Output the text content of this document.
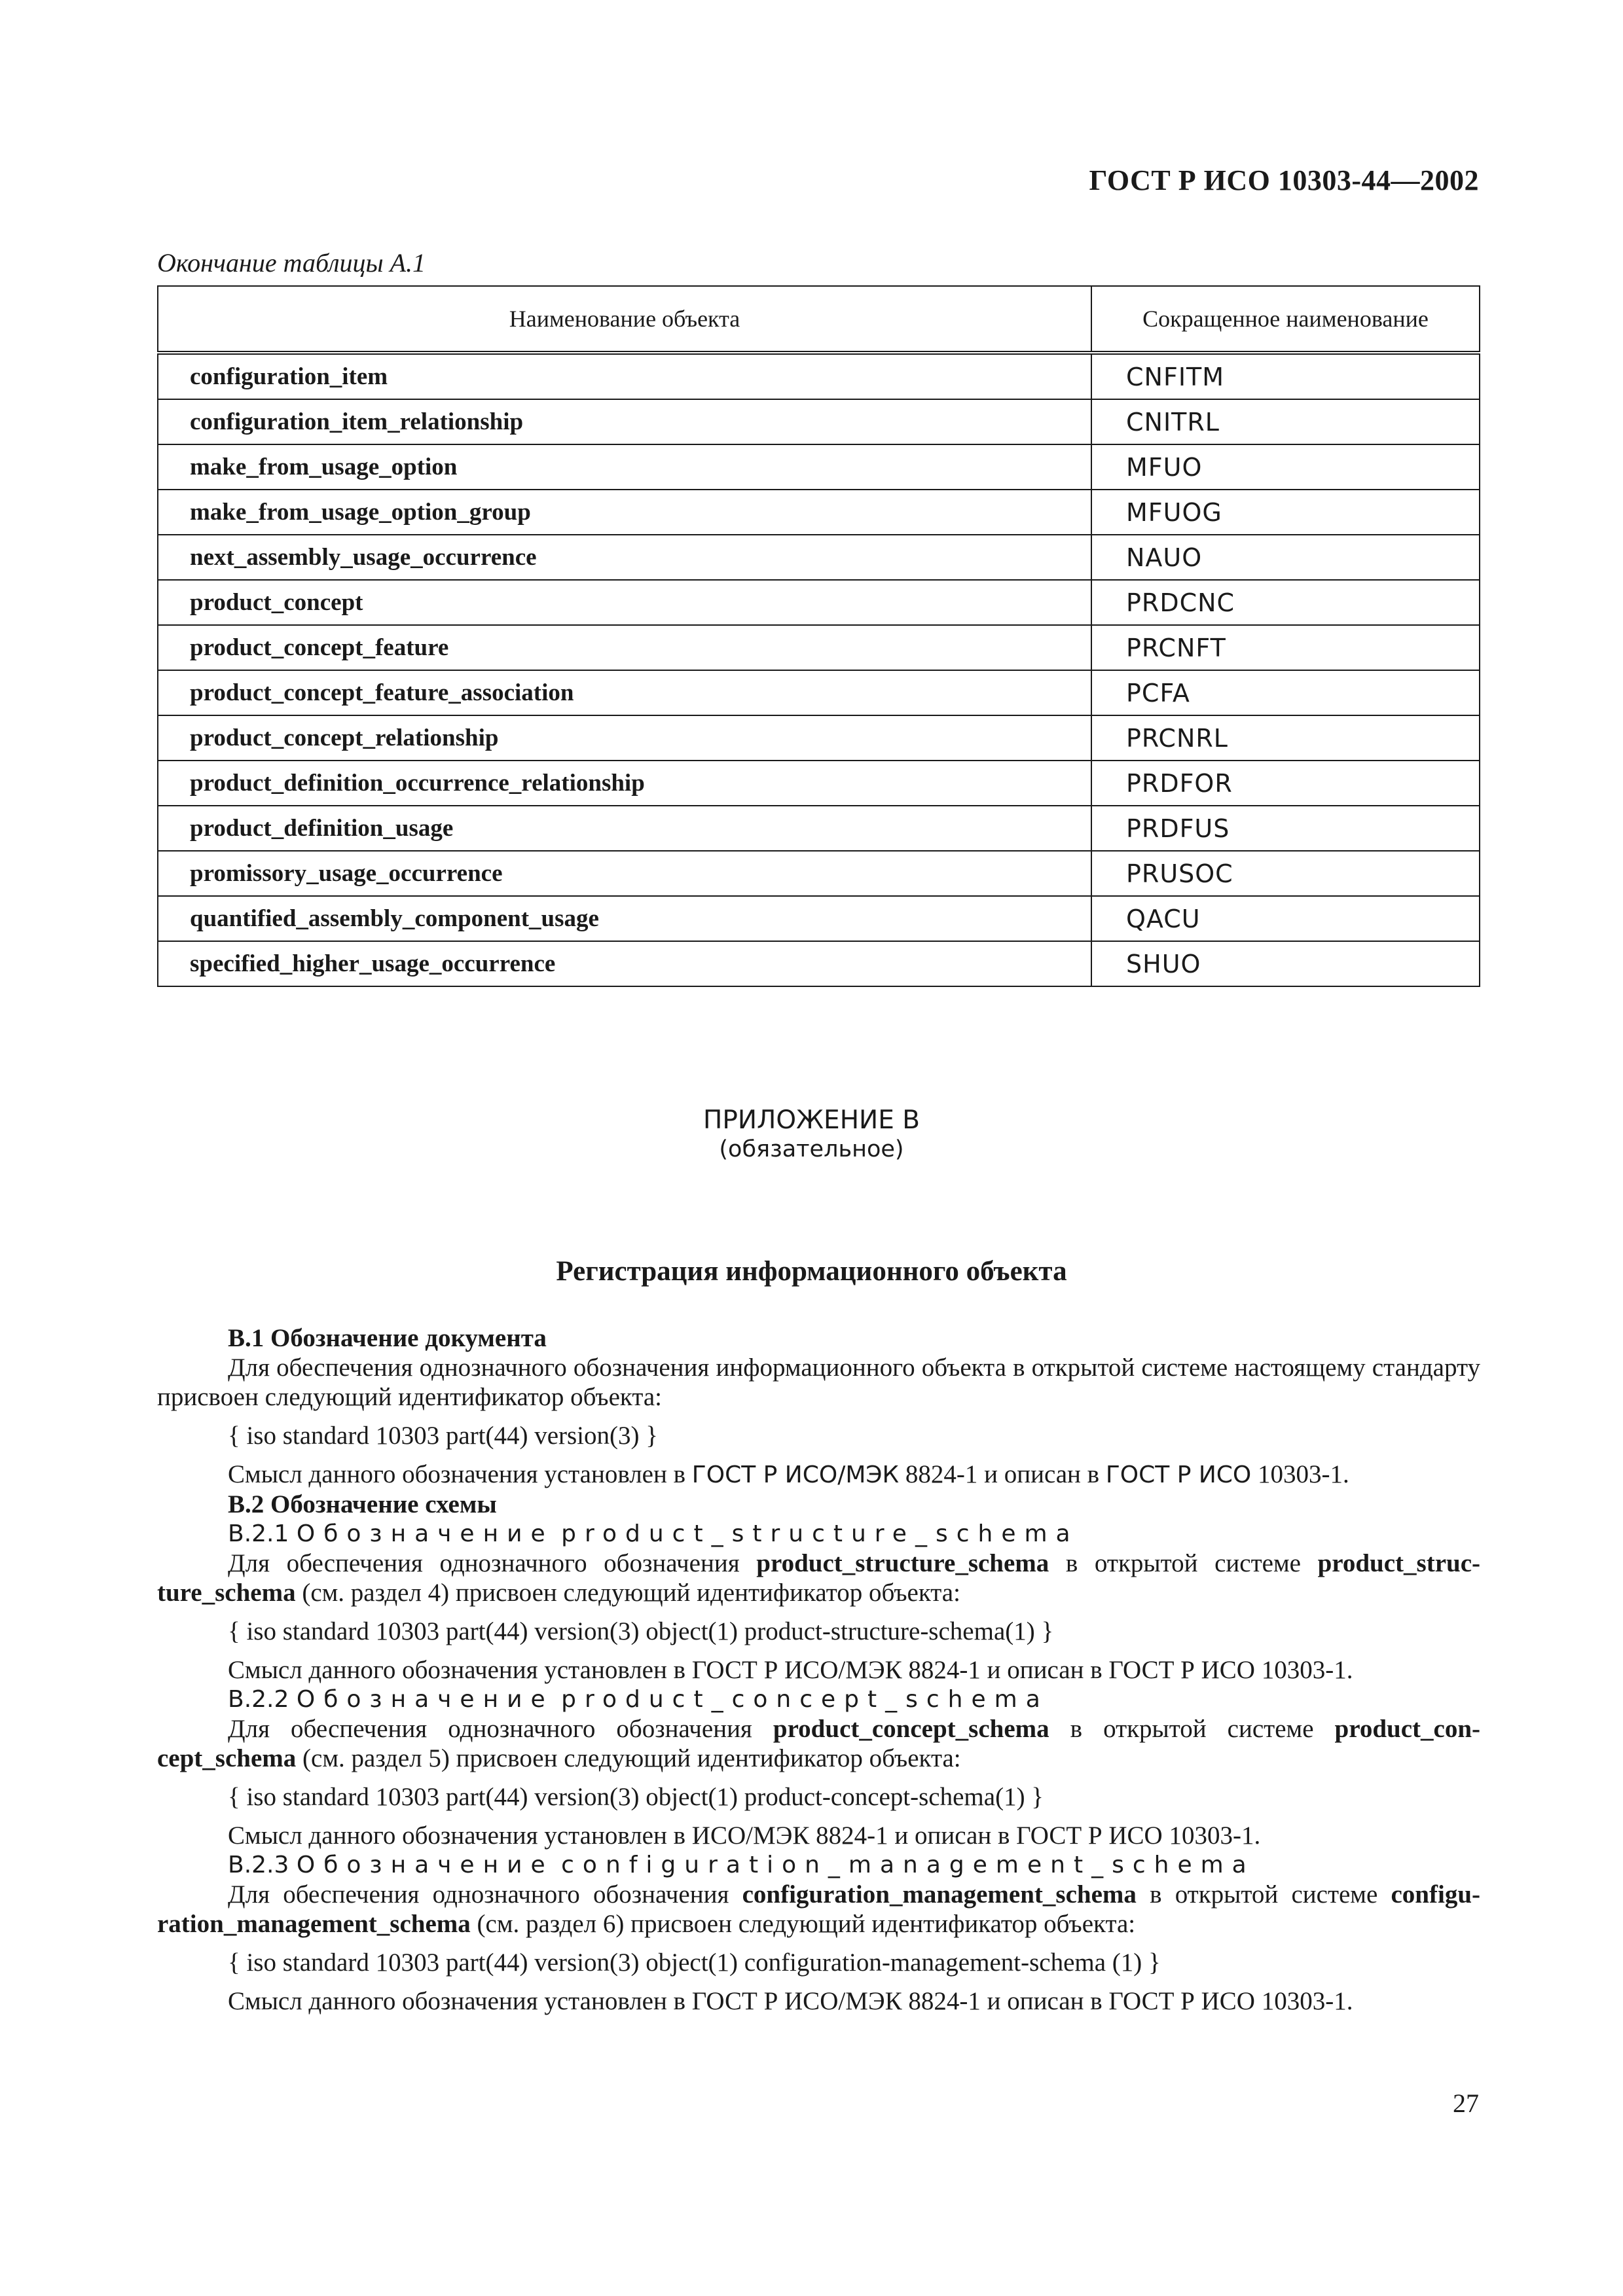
ГОСТ Р ИСО 10303-44—2002
Окончание таблицы А.1
Наименование объекта	Сокращенное наименование
configuration_item	CNFITM
configuration_item_relationship	CNITRL
make_from_usage_option	MFUO
make_from_usage_option_group	MFUOG
next_assembly_usage_occurrence	NAUO
product_concept	PRDCNC
product_concept_feature	PRCNFT
product_concept_feature_association	PCFA
product_concept_relationship	PRCNRL
product_definition_occurrence_relationship	PRDFOR
product_definition_usage	PRDFUS
promissory_usage_occurrence	PRUSOC
quantified_assembly_component_usage	QACU
specified_higher_usage_occurrence	SHUO
ПРИЛОЖЕНИЕ В
(обязательное)
Регистрация информационного объекта
В.1 Обозначение документа

Для обеспечения однозначного обозначения информационного объекта в открытой системе настоящему стандарту присвоен следующий идентификатор объекта:

{ iso standard 10303 part(44) version(3) }

Смысл данного обозначения установлен в ГОСТ Р ИСО/МЭК 8824-1 и описан в ГОСТ Р ИСО 10303-1.

В.2 Обозначение схемы
В.2.1 Обозначение product_structure_schema

Для обеспечения однозначного обозначения product_structure_schema в открытой системе product_struc-ture_schema (см. раздел 4) присвоен следующий идентификатор объекта:

{ iso standard 10303 part(44) version(3) object(1) product-structure-schema(1) }

Смысл данного обозначения установлен в ГОСТ Р ИСО/МЭК 8824-1 и описан в ГОСТ Р ИСО 10303-1.

В.2.2 Обозначение product_concept_schema

Для обеспечения однозначного обозначения product_concept_schema в открытой системе product_con-cept_schema (см. раздел 5) присвоен следующий идентификатор объекта:

{ iso standard 10303 part(44) version(3) object(1) product-concept-schema(1) }

Смысл данного обозначения установлен в ИСО/МЭК 8824-1 и описан в ГОСТ Р ИСО 10303-1.

В.2.3 Обозначение configuration_management_schema

Для обеспечения однозначного обозначения configuration_management_schema в открытой системе configu-ration_management_schema (см. раздел 6) присвоен следующий идентификатор объекта:

{ iso standard 10303 part(44) version(3) object(1) configuration-management-schema (1) }

Смысл данного обозначения установлен в ГОСТ Р ИСО/МЭК 8824-1 и описан в ГОСТ Р ИСО 10303-1.

27
